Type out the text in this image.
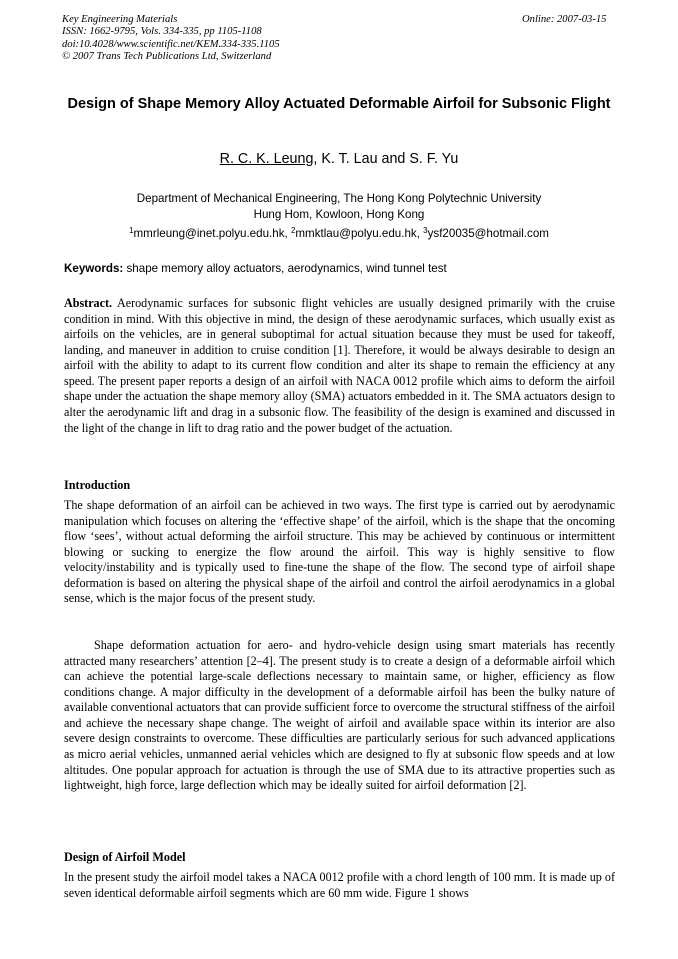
Key Engineering Materials
ISSN: 1662-9795, Vols. 334-335, pp 1105-1108
doi:10.4028/www.scientific.net/KEM.334-335.1105
© 2007 Trans Tech Publications Ltd, Switzerland
Online: 2007-03-15
Design of Shape Memory Alloy Actuated Deformable Airfoil for Subsonic Flight
R. C. K. Leung, K. T. Lau and S. F. Yu
Department of Mechanical Engineering, The Hong Kong Polytechnic University
Hung Hom, Kowloon, Hong Kong
$^1$mmrleung@inet.polyu.edu.hk, $^2$mmktlau@polyu.edu.hk, $^3$ysf20035@hotmail.com
Keywords: shape memory alloy actuators, aerodynamics, wind tunnel test
Abstract. Aerodynamic surfaces for subsonic flight vehicles are usually designed primarily with the cruise condition in mind. With this objective in mind, the design of these aerodynamic surfaces, which usually exist as airfoils on the vehicles, are in general suboptimal for actual situation because they must be used for takeoff, landing, and maneuver in addition to cruise condition [1]. Therefore, it would be always desirable to design an airfoil with the ability to adapt to its current flow condition and alter its shape to remain the efficiency at any speed. The present paper reports a design of an airfoil with NACA 0012 profile which aims to deform the airfoil shape under the actuation the shape memory alloy (SMA) actuators embedded in it. The SMA actuators design to alter the aerodynamic lift and drag in a subsonic flow. The feasibility of the design is examined and discussed in the light of the change in lift to drag ratio and the power budget of the actuation.
Introduction
The shape deformation of an airfoil can be achieved in two ways. The first type is carried out by aerodynamic manipulation which focuses on altering the ‘effective shape’ of the airfoil, which is the shape that the oncoming flow ‘sees’, without actual deforming the airfoil structure. This may be achieved by continuous or intermittent blowing or sucking to energize the flow around the airfoil. This way is highly sensitive to flow velocity/instability and is typically used to fine-tune the shape of the flow. The second type of airfoil shape deformation is based on altering the physical shape of the airfoil and control the airfoil aerodynamics in a global sense, which is the major focus of the present study.
Shape deformation actuation for aero- and hydro-vehicle design using smart materials has recently attracted many researchers’ attention [2–4]. The present study is to create a design of a deformable airfoil which can achieve the potential large-scale deflections necessary to maintain same, or higher, efficiency as flow conditions change. A major difficulty in the development of a deformable airfoil has been the bulky nature of available conventional actuators that can provide sufficient force to overcome the structural stiffness of the airfoil and achieve the necessary shape change. The weight of airfoil and available space within its interior are also severe design constraints to overcome. These difficulties are particularly serious for such advanced applications as micro aerial vehicles, unmanned aerial vehicles which are designed to fly at subsonic flow speeds and at low altitudes. One popular approach for actuation is through the use of SMA due to its attractive properties such as lightweight, high force, large deflection which may be ideally suited for airfoil deformation [2].
Design of Airfoil Model
In the present study the airfoil model takes a NACA 0012 profile with a chord length of 100 mm. It is made up of seven identical deformable airfoil segments which are 60 mm wide. Figure 1 shows
